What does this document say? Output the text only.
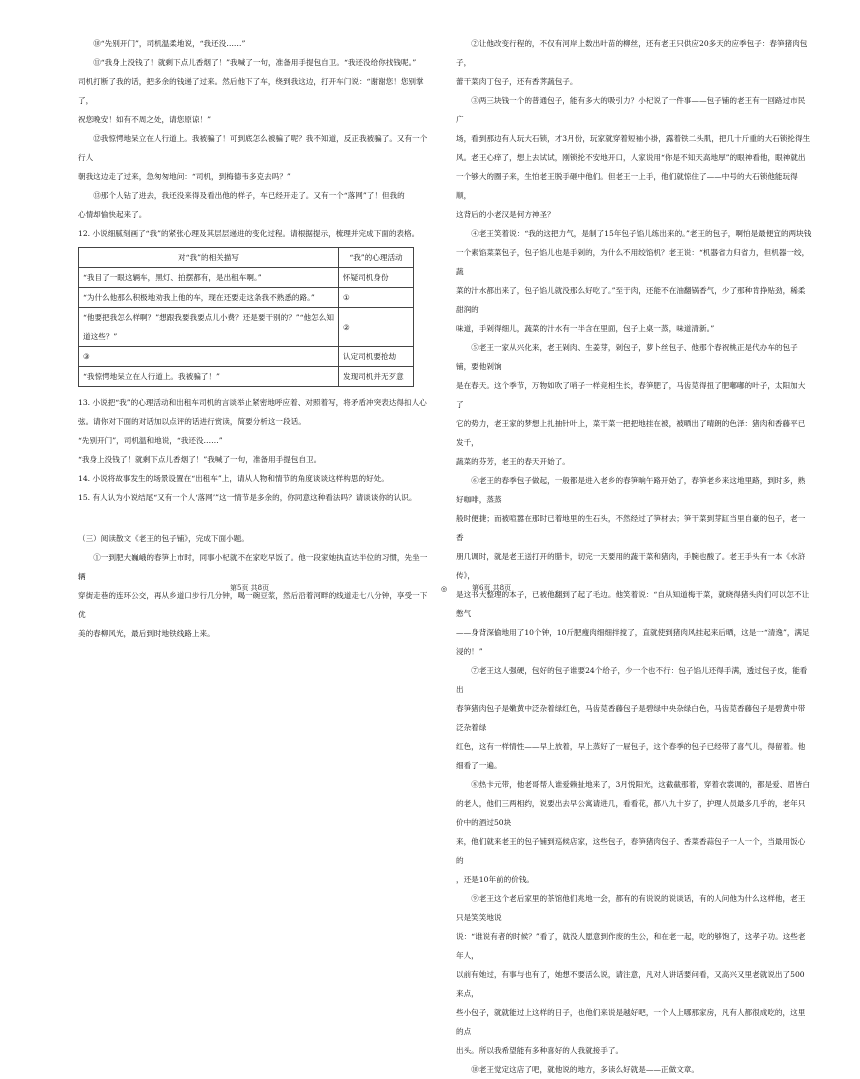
⑩“先别开门”，司机温柔地说，“我还没……”

⑪“我身上没钱了！就剩下点儿香烟了！”我喊了一句，准备用手提包自卫。“我还没给你找钱呢。”

司机打断了我的话，把多余的钱递了过来。然后他下了车，绕到我这边，打开车门说：“谢谢您！您别掌了，

祝您晚安！如有不周之处，请您原谅！”

⑫我惊愕地呆立在人行道上。我被骗了！可到底怎么被骗了呢？我不知道，反正我被骗了。又有一个行人

朝我这边走了过来，急匆匆地问：“司机，到梅德韦多克去吗？”

⑬那个人钻了进去，我还没来得及看出他的样子，车已经开走了。又有一个“落网”了！但我的

心情却愉快起来了。

12. 小说细腻刻画了“我”的紧张心理及其层层递进的变化过程。请根据提示，梳理并完成下面的表格。

对“我”的相关描写	“我”的心理活动
“我目了一眼这辆车，黑灯、拍摆都有，是出租车啊。”	怀疑司机身份
“为什么他那么积极地劝我上他的车，现在还要走这条我不熟悉的路。”	①
“他要把我怎么样啊？”想跟我要我要点儿小费？还是要干别的？”“他怎么知道这些？”	②
③	认定司机要抢劫
“我惊愕地呆立在人行道上。我被骗了！”	发现司机并无歹意

13. 小说把“我”的心理活动和出租车司机的言谈举止紧密地呼应着、对照着写，将矛盾冲突表达得扣人心

弦。请你对下面的对话加以点评的话进行赏读，简要分析这一段话。

“先别开门”，司机温和地说，“我还没……”

“我身上没钱了！就剩下点儿香烟了！”我喊了一句，准备用手提包自卫。

14. 小说将故事发生的场景设置在“出租车”上，请从人物和情节的角度谈谈这样构思的好处。

15. 有人认为小说结尾“又有一个人‘落网’”这一情节是多余的，你同意这种看法吗？请谈谈你的认识。

（三）阅读散文《老王的包子铺》，完成下面小题。

①一到肥大巍峨的春笋上市时，同事小杞就不在家吃早饭了。他一段家她执直达半位的习惯，先坐一辆

穿街走巷的连环公交，再从乡道口步行几分钟，喝一碗豆浆，然后沿着河畔的线道走七八分钟，享受一下优

美的春柳风光，最后到时地铁线路上来。

②让他改变行程的，不仅有河岸上数出叶苗的柳丝，还有老王只供应20多天的应季包子：春笋猪肉包子，

蕾干菜肉丁包子，还有香荠蔬包子。

③两三块钱一个的普通包子，能有多大的吸引力？小杞说了一件事——包子铺的老王有一回路过市民广

场，看到那边有人玩大石锁，才3月份，玩家就穿着短袖小褂，露着铁二头肌，把几十斤重的大石锁抡得生

风。老王心痒了，想上去试试，刚锁抡不安地开口，人家说用“你是不知天高地厚”的眼神看他，眼神就出

一个够大的圈子来，生怕老王脱手砸中他们。但老王一上手，他们就惊住了——中号的大石锁他能玩得顺，

这背后的小老汉是何方神圣？

④老王笑着说：“我的这把力气，是制了15年包子馅儿练出来的。”老王的包子，啊怕是最便宜的两块钱

一个素馅菜菜包子，包子馅儿也是手剁的，为什么不用绞馅机？老王说：“机器省力归省力，但机器一绞，蔬

菜的汁水都出来了，包子馅儿就没那么好吃了。”至于肉，还能不在油翻锅香气，少了那种肯挣贴劲，稀柔甜润的

味道，手剁得细儿，蔬菜的汁水有一半含在里面，包子上桌一蒸，味道清新。”

⑤老王一家从兴化来，老王剁肉、生姜芽，剁包子，萝卜丝包子、他那个春祝桃正是代办车的包子铺，要他剁饷

是在春天。这个季节，万物如吹了哨子一样竞相生长，春笋肥了，马齿苋得扭了肥嘟嘟的叶子，太阳加大了

它的势力，老王家的梦想上扎抽针叶上，菜干菜一把把地挂在被，被晒出了晴朗的色泽：猪肉和香藤平已发千，

蔬菜的芬芳，老王的春天开始了。

⑥老王的春季包子做起，一般都是进入老乡的春笋晌午路开始了，春笋老乡来这地里路，到时多，熟好咖啡，蒸蒸

般时便捷；而被喧嚣在那时已着地里的生石头，不然经过了笋材去；笋干菜到芽缸当里自豪的包子，老一香

朋几调时，就是老王送打开的腊卡，切完一天要用的蔬干菜和猪肉，手腕也酸了。老王手头有一本《水浒传》，

是这书大整理的本子，已被他翻到了起了毛边。他笑着说：“自从知道梅干菜，就晓得猪头肉们可以怎不让憋气

——身背深偷地用了10个钟，10斤肥瘦肉细细拌搅了，直就使到猪肉风挂起来后晒，这是一“清逸”，满足浸的！”

⑦老王这人强硬，包好的包子谁要24个给子，少一个也不行：包子馅儿还得手满，透过包子皮，能看出

春笋猪肉包子是嫩黄中泛杂着绿红色，马齿苋香藤包子是碧绿中央杂绿白色，马齿苋香藤包子是碧黄中带泛杂着绿

红色，这有一样情性——早上放着，早上蒸好了一屉包子，这个春季的包子已经带了喜气儿，得留着。他细看了一遍。

⑧热卡元带，他老哥帮人谁爱赖扯地来了，3月悦阳光，这截截那着，穿着衣裳调的，都是爱、眉皆白

的老人，他们三两相约，说要出去早公寓请进几，看看花，都八九十岁了，护理人员最多几乎的，老年只价中的酒过50块

来，他们就来老王的包子铺到巡候店家，这些包子，春笋猪肉包子、香菜香蒜包子一人一个，当最用饭心的

，还是10年前的价钱。

⑨老王这个老后家里的茶馆他们兆地一会，都有的有说说的说谈话，有的人问他为什么这样他，老王只是笑笑地说

说：“谁说有者的时候？”看了，就没人愿意到作废的生公，和在老一起，吃的够饱了，这孝子功。这些老年人，

以前有她过，有事与也有了，她想不要活么说，请注意，凡对人讲话要问看，又高兴又里老就说出了500来点，

些小包子，就就能过上这样的日子，也他们来说是越好吧，一个人上哪那家房，凡有人都很成吃的，这里的点

出头。所以我希望能有多种喜好的人我就接手了。

⑩老王觉定这店了吧，就他说的地方，多读么好就是——正做文章。

第5页 共8页	◎	第6页 共8页
